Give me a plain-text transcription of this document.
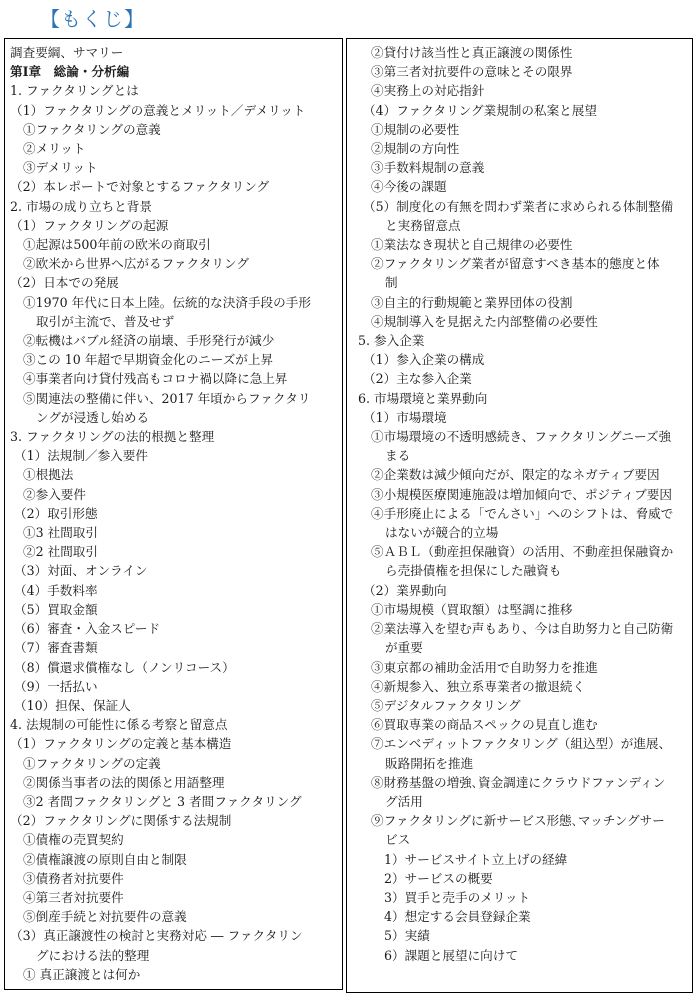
【もくじ】
調査要綱、サマリー
第Ⅰ章　総論・分析編
1. ファクタリングとは
（1）ファクタリングの意義とメリット／デメリット
①ファクタリングの意義
②メリット
③デメリット
（2）本レポートで対象とするファクタリング
2. 市場の成り立ちと背景
（1）ファクタリングの起源
①起源は500年前の欧米の商取引
②欧米から世界へ広がるファクタリング
（2）日本での発展
①1970 年代に日本上陸。伝統的な決済手段の手形
取引が主流で、普及せず
②転機はバブル経済の崩壊、手形発行が減少
③この 10 年超で早期資金化のニーズが上昇
④事業者向け貸付残高もコロナ禍以降に急上昇
⑤関連法の整備に伴い、2017 年頃からファクタリ
ングが浸透し始める
3. ファクタリングの法的根拠と整理
（1）法規制／参入要件
①根拠法
②参入要件
（2）取引形態
①3 社間取引
②2 社間取引
（3）対面、オンライン
（4）手数料率
（5）買取金額
（6）審査・入金スピード
（7）審査書類
（8）償還求償権なし（ノンリコース）
（9）一括払い
（10）担保、保証人
4. 法規制の可能性に係る考察と留意点
（1）ファクタリングの定義と基本構造
①ファクタリングの定義
②関係当事者の法的関係と用語整理
③2 者間ファクタリングと 3 者間ファクタリング
（2）ファクタリングに関係する法規制
①債権の売買契約
②債権譲渡の原則自由と制限
③債務者対抗要件
④第三者対抗要件
⑤倒産手続と対抗要件の意義
（3）真正譲渡性の検討と実務対応 ― ファクタリン
グにおける法的整理
① 真正譲渡とは何か
②貸付け該当性と真正譲渡の関係性
③第三者対抗要件の意味とその限界
④実務上の対応指針
（4）ファクタリング業規制の私案と展望
①規制の必要性
②規制の方向性
③手数料規制の意義
④今後の課題
（5）制度化の有無を問わず業者に求められる体制整備
と実務留意点
①業法なき現状と自己規律の必要性
②ファクタリング業者が留意すべき基本的態度と体
制
③自主的行動規範と業界団体の役割
④規制導入を見据えた内部整備の必要性
5. 参入企業
（1）参入企業の構成
（2）主な参入企業
6. 市場環境と業界動向
（1）市場環境
①市場環境の不透明感続き、ファクタリングニーズ強
まる
②企業数は減少傾向だが、限定的なネガティブ要因
③小規模医療関連施設は増加傾向で、ポジティブ要因
④手形廃止による「でんさい」へのシフトは、脅威で
はないが競合的立場
⑤ＡＢＬ（動産担保融資）の活用、不動産担保融資か
ら売掛債権を担保にした融資も
（2）業界動向
①市場規模（買取額）は堅調に推移
②業法導入を望む声もあり、今は自助努力と自己防衛
が重要
③東京都の補助金活用で自助努力を推進
④新規参入、独立系専業者の撤退続く
⑤デジタルファクタリング
⑥買取専業の商品スペックの見直し進む
⑦エンベディットファクタリング（組込型）が進展、
販路開拓を推進
⑧財務基盤の増強､資金調達にクラウドファンディン
グ活用
⑨ファクタリングに新サービス形態､マッチングサー
ビス
1）サービスサイト立上げの経緯
2）サービスの概要
3）買手と売手のメリット
4）想定する会員登録企業
5）実績
6）課題と展望に向けて
